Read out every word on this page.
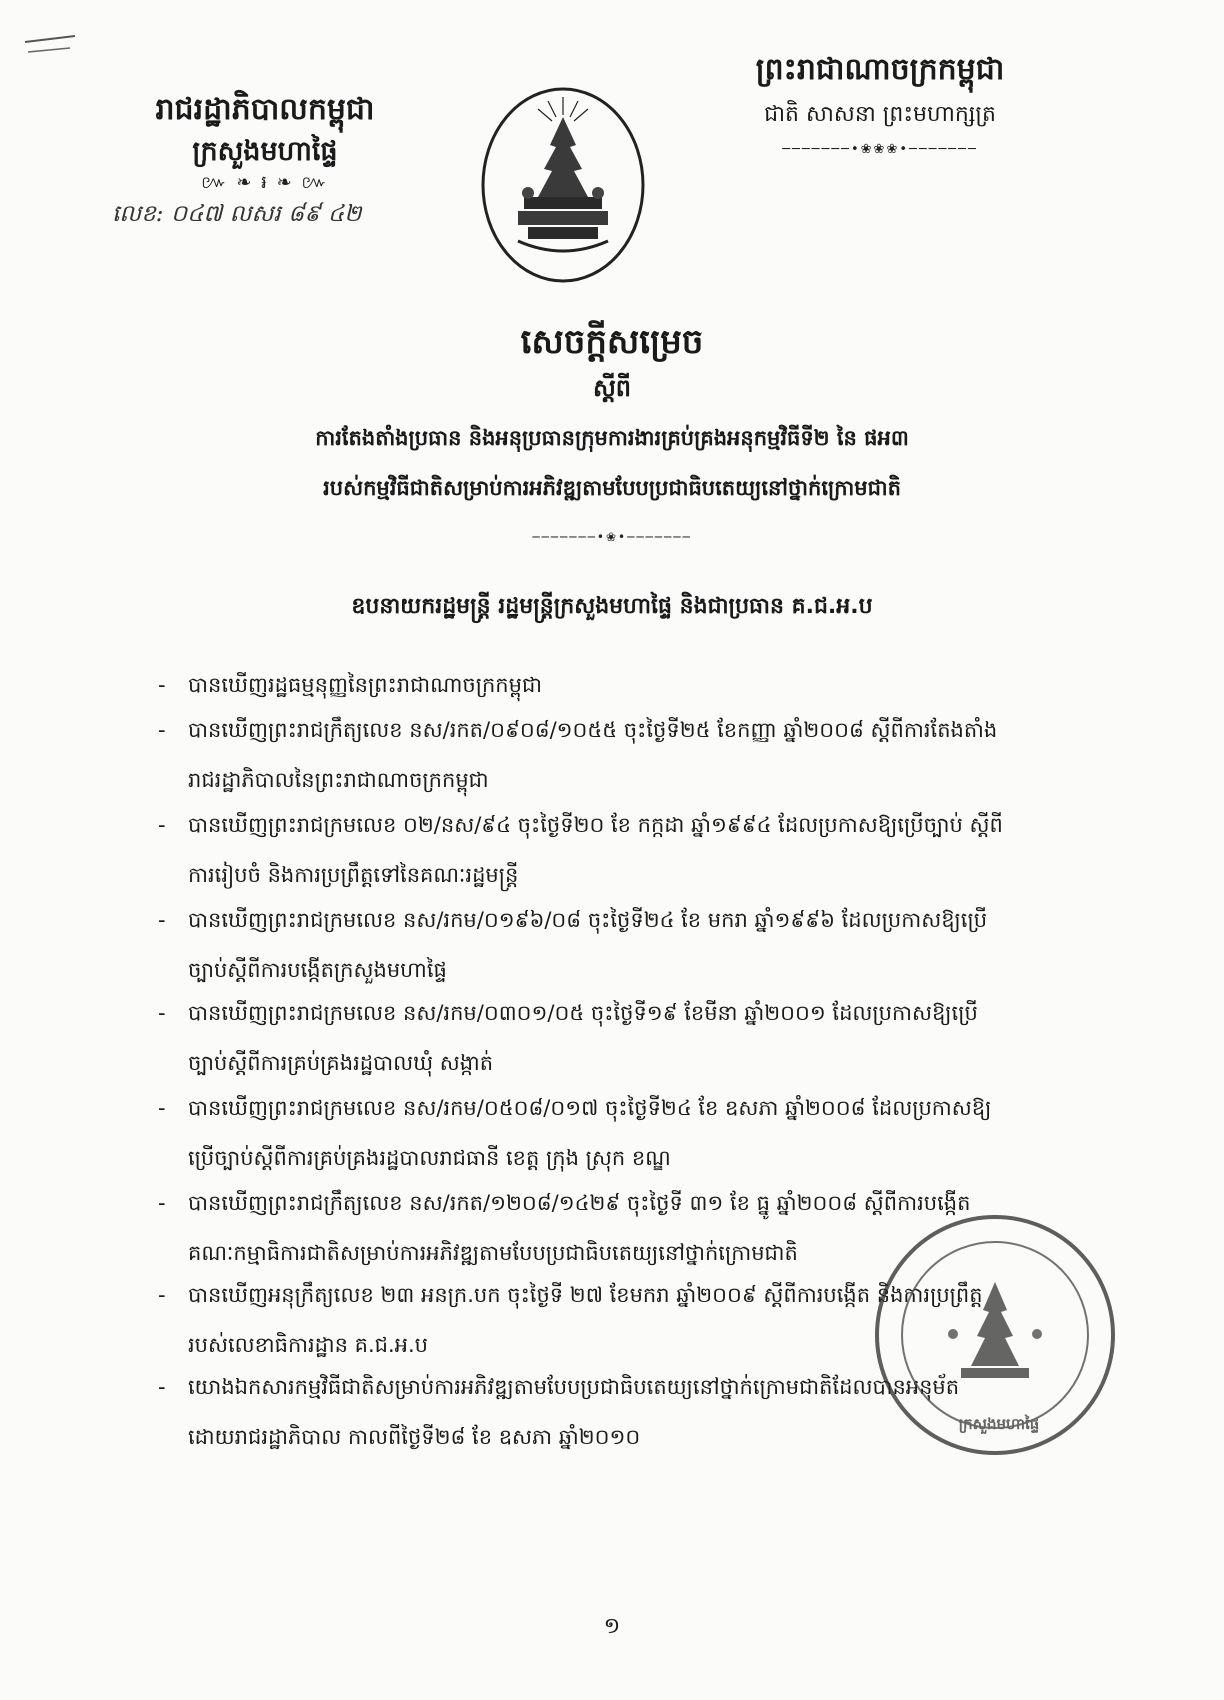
រាជរដ្ឋាភិបាលកម្ពុជា
ក្រសួងមហាផ្ទៃ
៚ ❧ ៛ ❧ ៚
លេខ: ០៤៧ លសរ ៨៩ ៤២
ព្រះរាជាណាចក្រកម្ពុជា
ជាតិ សាសនា ព្រះមហាក្សត្រ
───────•❀❀❀•───────
សេចក្តីសម្រេច
ស្តីពី
ការតែងតាំងប្រធាន និងអនុប្រធានក្រុមការងារគ្រប់គ្រងអនុកម្មវិធីទី២ នៃ ផអ៣
របស់កម្មវិធីជាតិសម្រាប់ការអភិវឌ្ឍតាមបែបប្រជាធិបតេយ្យនៅថ្នាក់ក្រោមជាតិ
───────•❀•───────
ឧបនាយករដ្ឋមន្ត្រី រដ្ឋមន្ត្រីក្រសួងមហាផ្ទៃ និងជាប្រធាន គ.ជ.អ.ប
- បានឃើញរដ្ឋធម្មនុញ្ញនៃព្រះរាជាណាចក្រកម្ពុជា
- បានឃើញព្រះរាជក្រឹត្យលេខ នស/រកត/០៩០៨/១០៥៥ ចុះថ្ងៃទី២៥ ខែកញ្ញា ឆ្នាំ២០០៨ ស្តីពីការតែងតាំង
រាជរដ្ឋាភិបាលនៃព្រះរាជាណាចក្រកម្ពុជា
- បានឃើញព្រះរាជក្រមលេខ ០២/នស/៩៤ ចុះថ្ងៃទី២០ ខែ កក្កដា ឆ្នាំ១៩៩៤ ដែលប្រកាសឱ្យប្រើច្បាប់ ស្តីពី
ការរៀបចំ និងការប្រព្រឹត្តទៅនៃគណៈរដ្ឋមន្ត្រី
- បានឃើញព្រះរាជក្រមលេខ នស/រកម/០១៩៦/០៨ ចុះថ្ងៃទី២៤ ខែ មករា ឆ្នាំ១៩៩៦ ដែលប្រកាសឱ្យប្រើ
ច្បាប់ស្តីពីការបង្កើតក្រសួងមហាផ្ទៃ
- បានឃើញព្រះរាជក្រមលេខ នស/រកម/០៣០១/០៥ ចុះថ្ងៃទី១៩ ខែមីនា ឆ្នាំ២០០១ ដែលប្រកាសឱ្យប្រើ
ច្បាប់ស្តីពីការគ្រប់គ្រងរដ្ឋបាលឃុំ សង្កាត់
- បានឃើញព្រះរាជក្រមលេខ នស/រកម/០៥០៨/០១៧ ចុះថ្ងៃទី២៤ ខែ ឧសភា ឆ្នាំ២០០៨ ដែលប្រកាសឱ្យ
ប្រើច្បាប់ស្តីពីការគ្រប់គ្រងរដ្ឋបាលរាជធានី ខេត្ត ក្រុង ស្រុក ខណ្ឌ
- បានឃើញព្រះរាជក្រឹត្យលេខ នស/រកត/១២០៨/១៤២៩ ចុះថ្ងៃទី ៣១ ខែ ធ្នូ ឆ្នាំ២០០៨ ស្តីពីការបង្កើត
គណៈកម្មាធិការជាតិសម្រាប់ការអភិវឌ្ឍតាមបែបប្រជាធិបតេយ្យនៅថ្នាក់ក្រោមជាតិ
- បានឃើញអនុក្រឹត្យលេខ ២៣ អនក្រ.បក ចុះថ្ងៃទី ២៧ ខែមករា ឆ្នាំ២០០៩ ស្តីពីការបង្កើត និងការប្រព្រឹត្ត
របស់លេខាធិការដ្ឋាន គ.ជ.អ.ប
- យោងឯកសារកម្មវិធីជាតិសម្រាប់ការអភិវឌ្ឍតាមបែបប្រជាធិបតេយ្យនៅថ្នាក់ក្រោមជាតិដែលបានអនុម័ត
ដោយរាជរដ្ឋាភិបាល កាលពីថ្ងៃទី២៨ ខែ ឧសភា ឆ្នាំ២០១០
ក្រសួងមហាផ្ទៃ
១
